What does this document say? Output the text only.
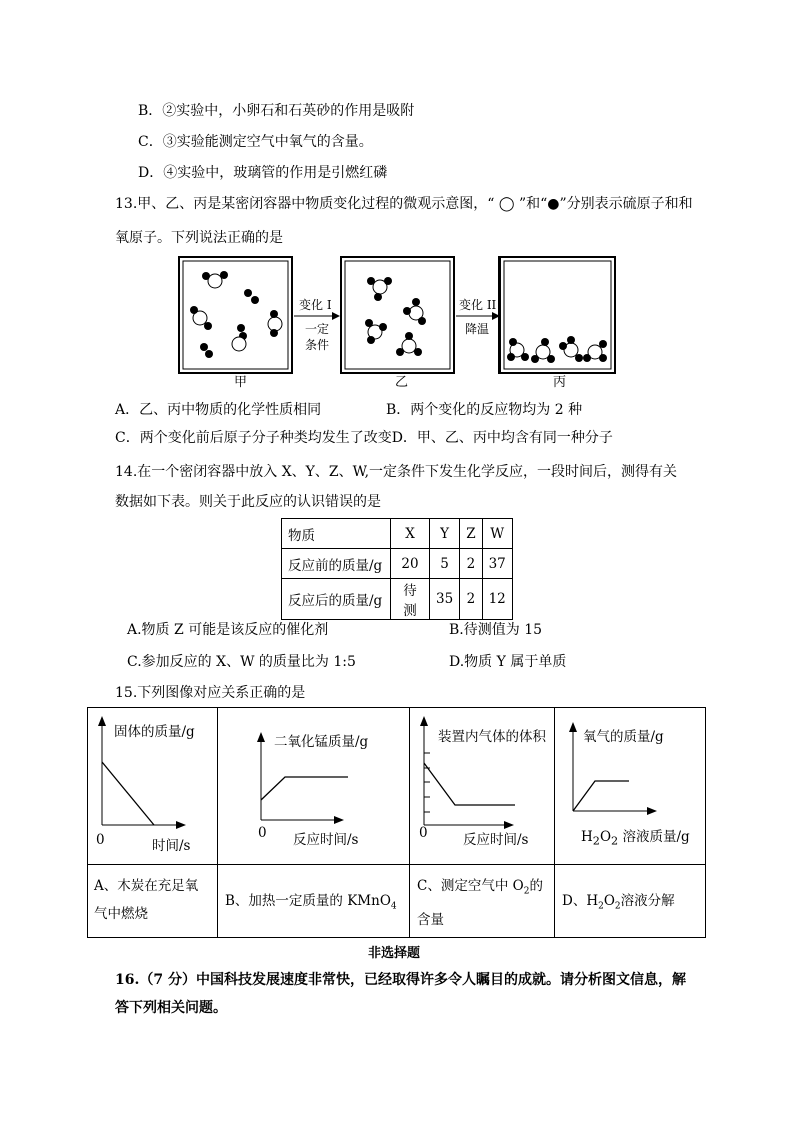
B．②实验中，小卵石和石英砂的作用是吸附
C．③实验能测定空气中氧气的含量。
D．④实验中，玻璃管的作用是引燃红磷
13.甲、乙、丙是某密闭容器中物质变化过程的微观示意图，“ ◯ ”和“●”分别表示硫原子和和
氧原子。下列说法正确的是
变化 I
一定
条件
变化 II
降温
甲	乙	丙
A．乙、丙中物质的化学性质相同	B．两个变化的反应物均为 2 种
C．两个变化前后原子分子种类均发生了改变D．甲、乙、丙中均含有同一种分子
14.在一个密闭容器中放入 X、Y、Z、W,一定条件下发生化学反应，一段时间后，测得有关
数据如下表。则关于此反应的认识错误的是
物质	X	Y	Z	W
反应前的质量/g	20	5	2	37
反应后的质量/g	待测	35	2	12
A.物质 Z 可能是该反应的催化剂	B.待测值为 15
C.参加反应的 X、W 的质量比为 1:5	D.物质 Y 属于单质
15.下列图像对应关系正确的是
固体的质量/g
时间/s
0
二氧化锰质量/g
反应时间/s
0
装置内气体的体积
反应时间/s
0
氧气的质量/g
$H_2O_2$ 溶液质量/g
A、木炭在充足氧
气中燃烧
B、加热一定质量的 KMnO$_4$
C、测定空气中 $O_2$的
含量
D、$H_2O_2$溶液分解
非选择题
16.（7 分）中国科技发展速度非常快，已经取得许多令人瞩目的成就。请分析图文信息，解
答下列相关问题。
